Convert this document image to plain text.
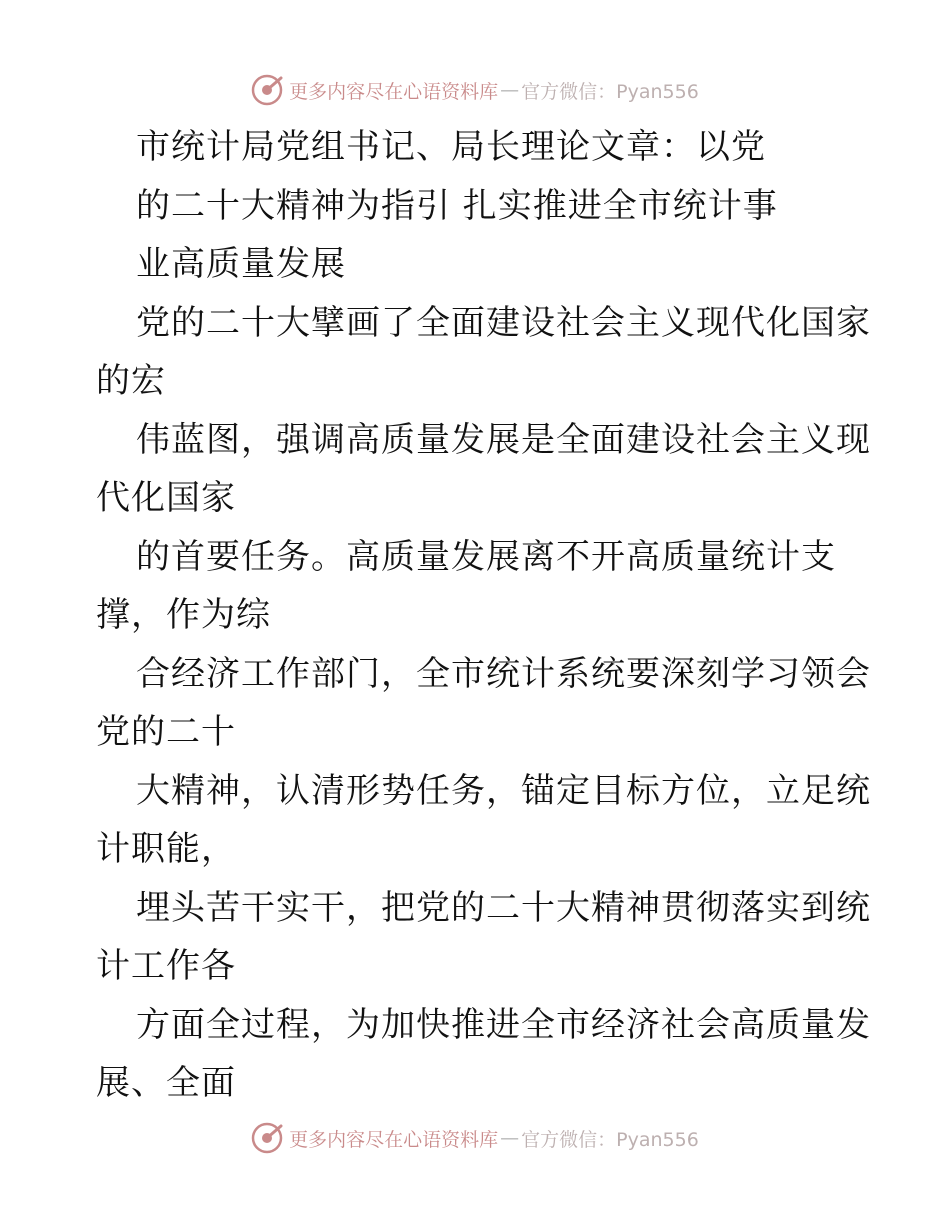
更多内容尽在心语资料库 — 官方微信：Pyan556
市统计局党组书记、局长理论文章：以党
的二十大精神为指引 扎实推进全市统计事
业高质量发展
党的二十大擘画了全面建设社会主义现代化国家
的宏
伟蓝图，强调高质量发展是全面建设社会主义现
代化国家
的首要任务。高质量发展离不开高质量统计支
撑，作为综
合经济工作部门，全市统计系统要深刻学习领会
党的二十
大精神，认清形势任务，锚定目标方位，立足统
计职能，
埋头苦干实干，把党的二十大精神贯彻落实到统
计工作各
方面全过程，为加快推进全市经济社会高质量发
展、全面
更多内容尽在心语资料库 — 官方微信：Pyan556
